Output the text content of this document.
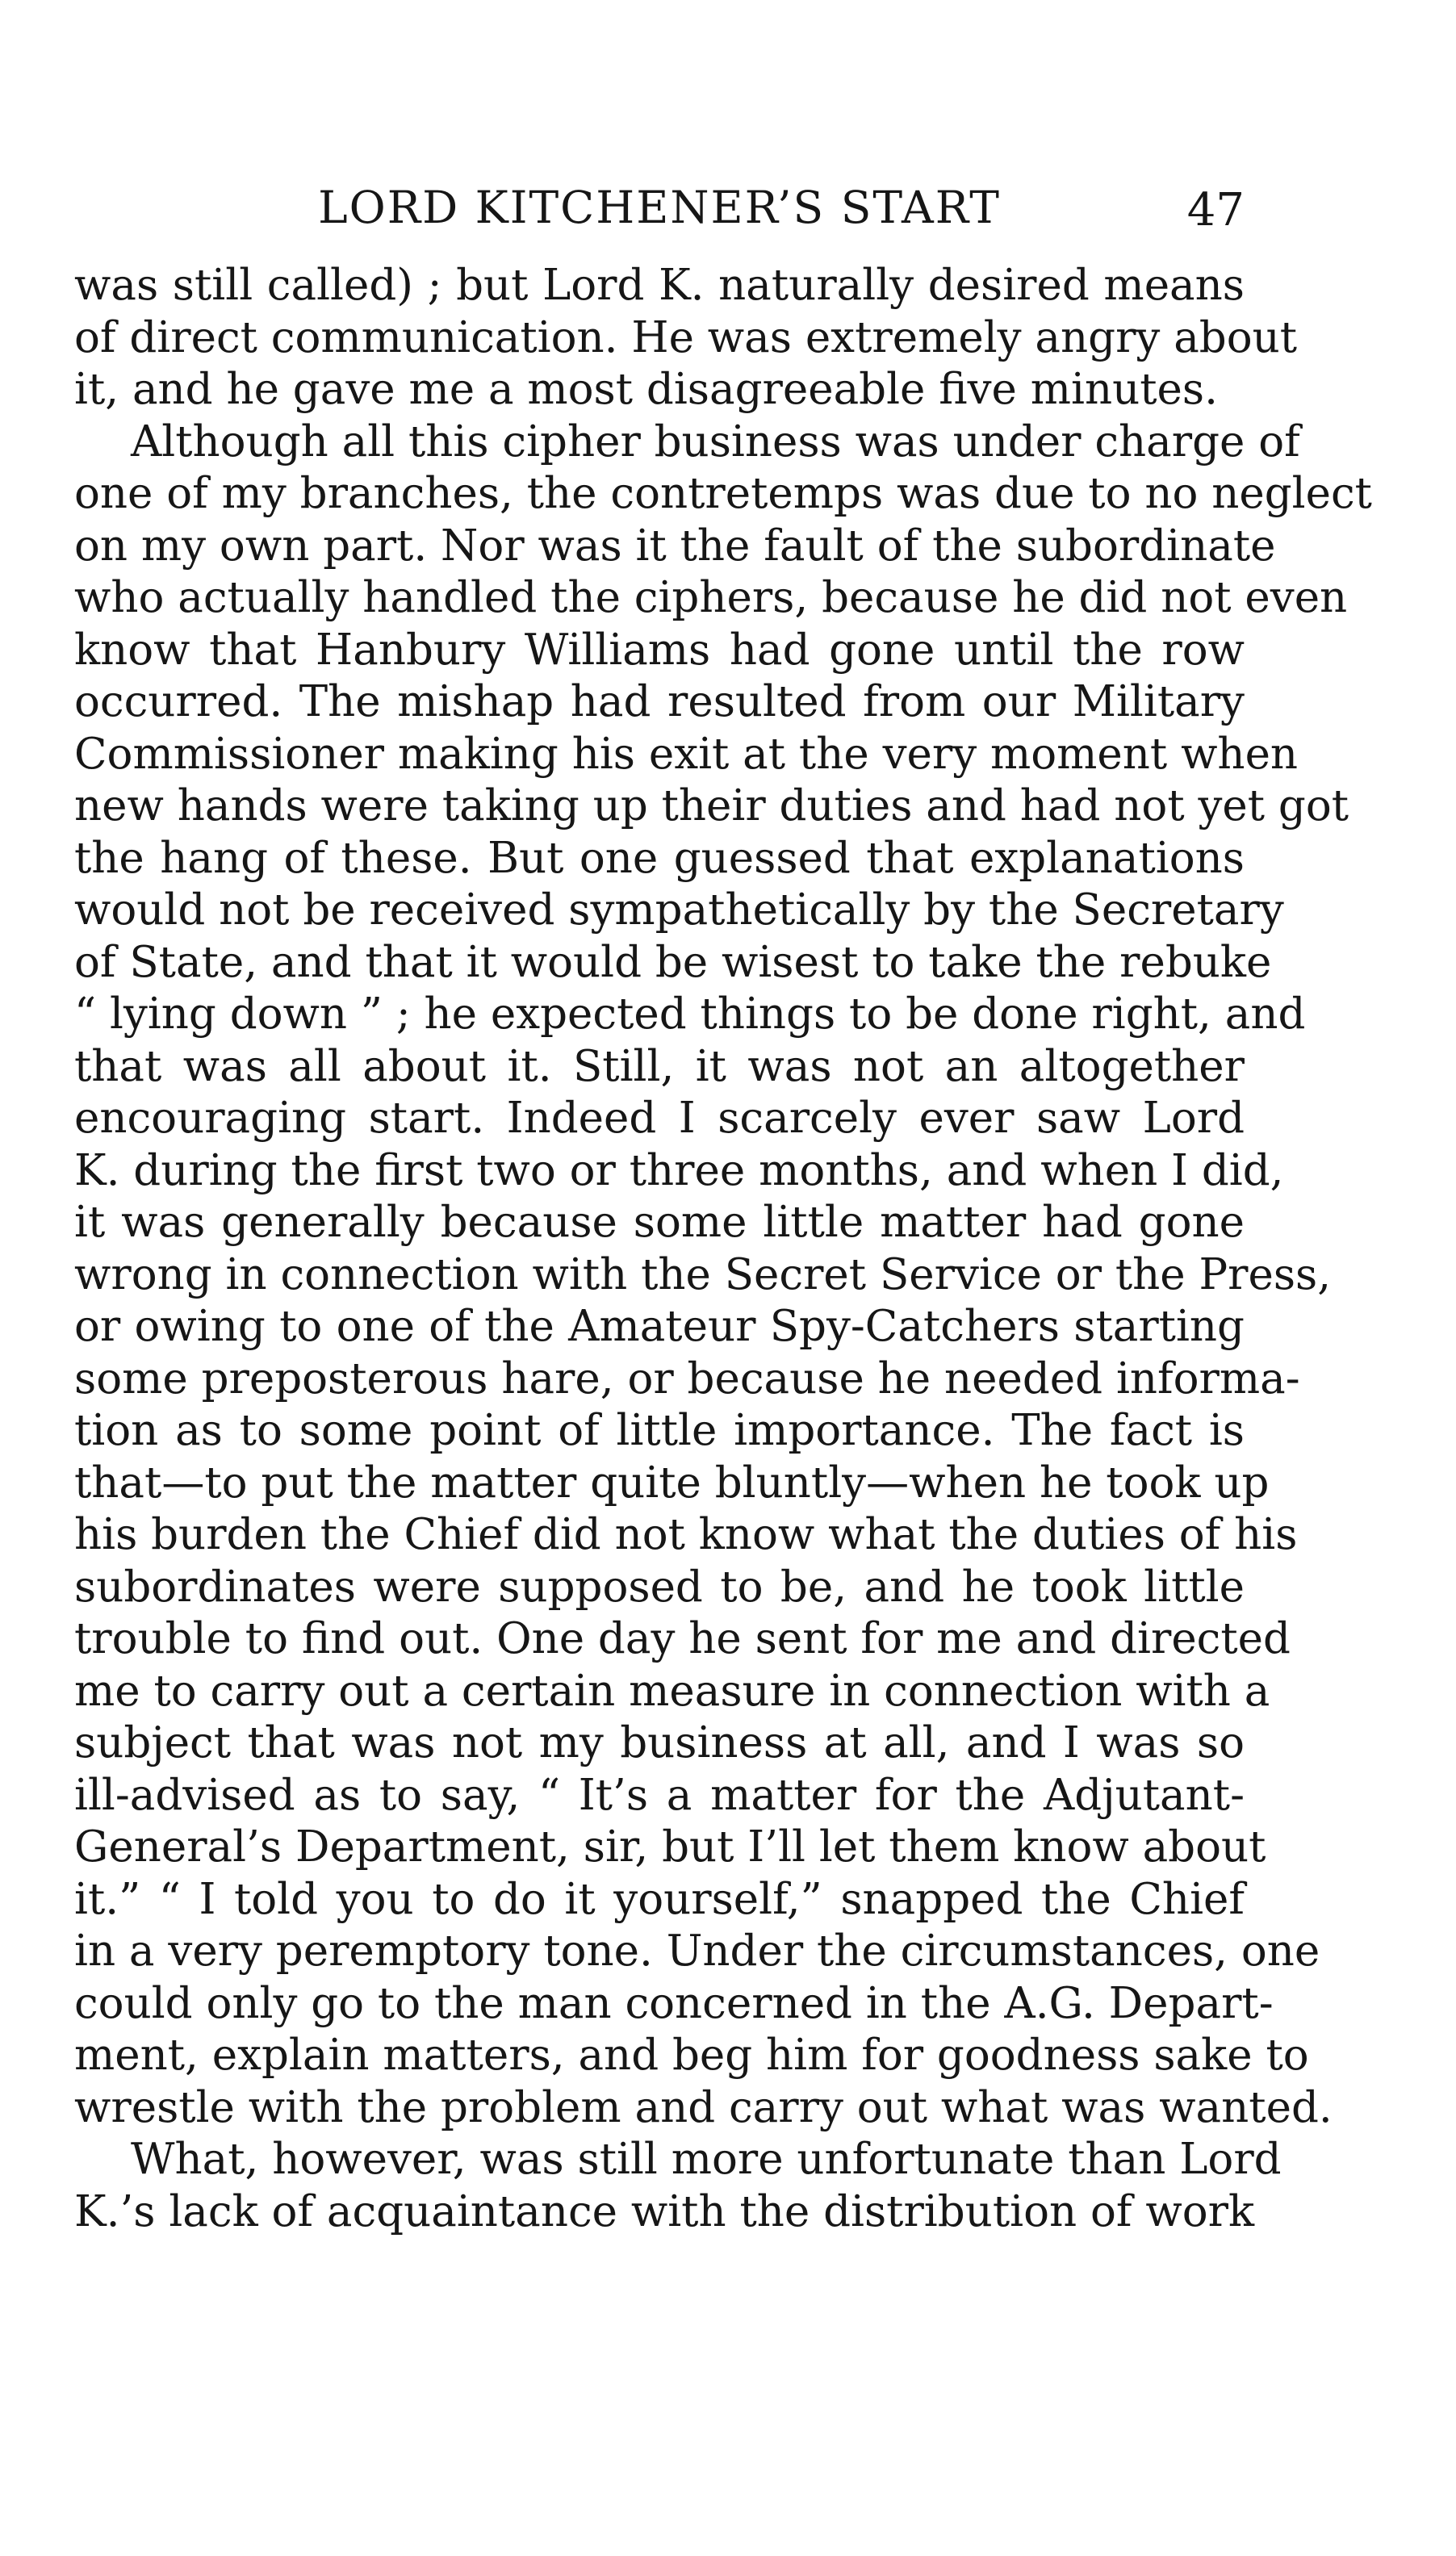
LORD KITCHENER’S START	47
was still called) ; but Lord K. naturally desired means
of direct communication. He was extremely angry about
it, and he gave me a most disagreeable five minutes.
Although all this cipher business was under charge of
one of my branches, the contretemps was due to no neglect
on my own part. Nor was it the fault of the subordinate
who actually handled the ciphers, because he did not even
know that Hanbury Williams had gone until the row
occurred. The mishap had resulted from our Military
Commissioner making his exit at the very moment when
new hands were taking up their duties and had not yet got
the hang of these. But one guessed that explanations
would not be received sympathetically by the Secretary
of State, and that it would be wisest to take the rebuke
“ lying down ” ; he expected things to be done right, and
that was all about it. Still, it was not an altogether
encouraging start. Indeed I scarcely ever saw Lord
K. during the first two or three months, and when I did,
it was generally because some little matter had gone
wrong in connection with the Secret Service or the Press,
or owing to one of the Amateur Spy-Catchers starting
some preposterous hare, or because he needed informa-
tion as to some point of little importance. The fact is
that—to put the matter quite bluntly—when he took up
his burden the Chief did not know what the duties of his
subordinates were supposed to be, and he took little
trouble to find out. One day he sent for me and directed
me to carry out a certain measure in connection with a
subject that was not my business at all, and I was so
ill-advised as to say, “ It’s a matter for the Adjutant-
General’s Department, sir, but I’ll let them know about
it.” “ I told you to do it yourself,” snapped the Chief
in a very peremptory tone. Under the circumstances, one
could only go to the man concerned in the A.G. Depart-
ment, explain matters, and beg him for goodness sake to
wrestle with the problem and carry out what was wanted.
What, however, was still more unfortunate than Lord
K.’s lack of acquaintance with the distribution of work
